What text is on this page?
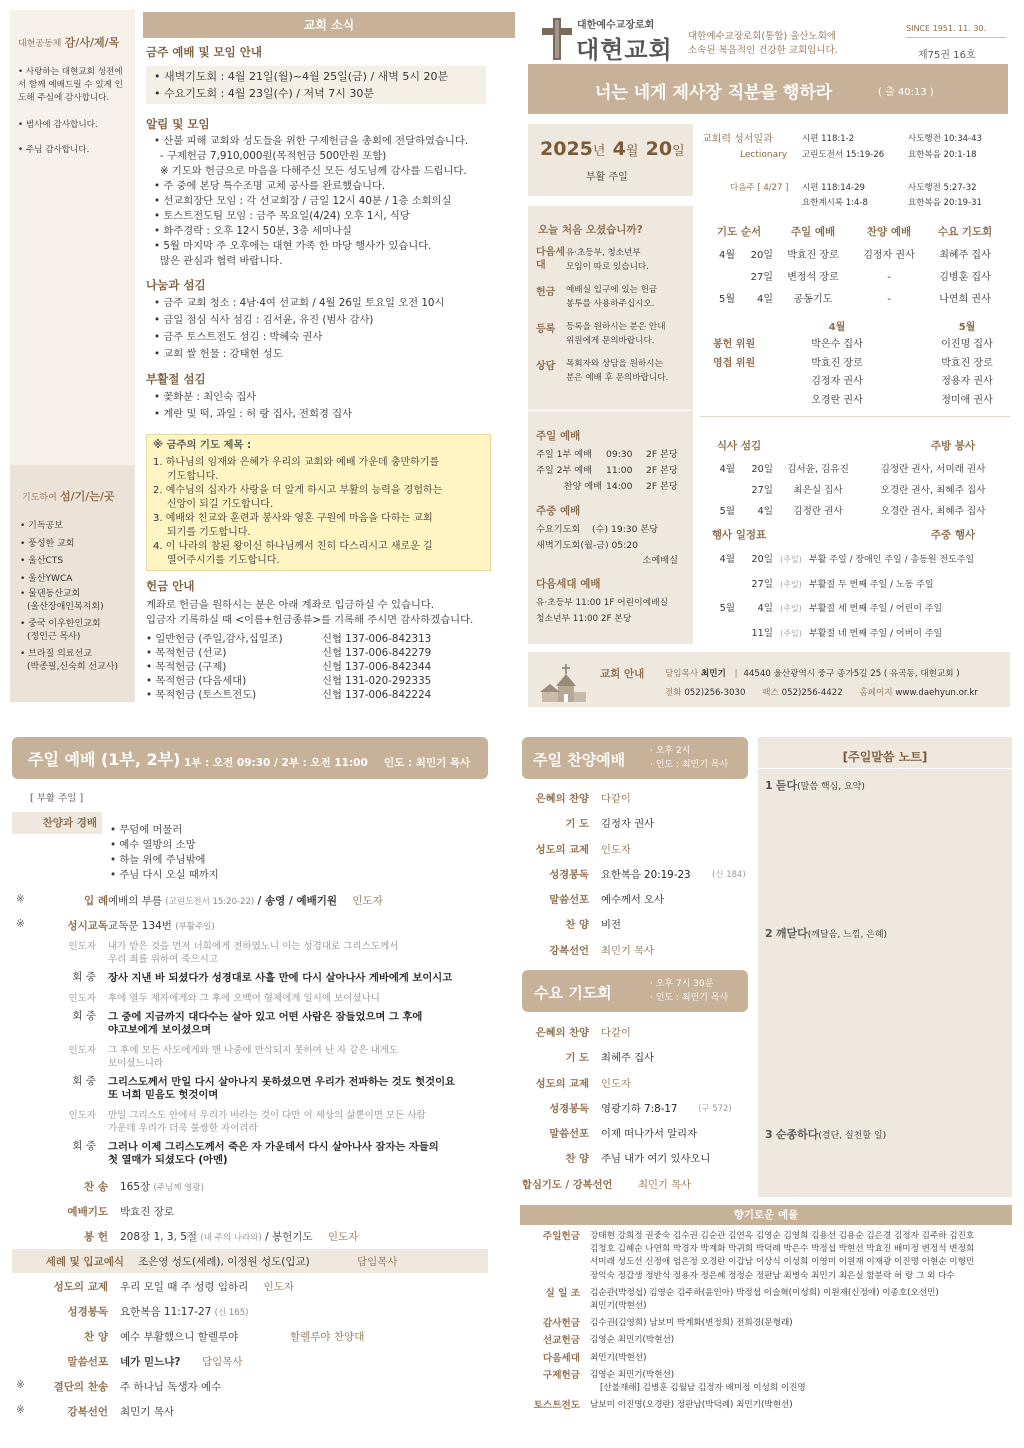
대현공동체 감/사/제/목
• 사랑하는 대현교회 성전에 서 함께 예배드릴 수 있게 인도해 주심에 감사합니다.
• 범사에 감사합니다.
• 주님 감사합니다.
기도하여 섬/기/는/곳
• 기독공보
• 풍성한 교회
• 울산CTS
• 울산YWCA
• 물댄동산교회
(울산장애인복지회)
• 중국 이우한인교회
(정인근 목사)
• 브라질 의료선교
(박종필,신숙희 선교사)
교회 소식
금주 예배 및 모임 안내
• 새벽기도회 : 4월 21일(월)~4월 25일(금) / 새벽 5시 20분
• 수요기도회 : 4월 23일(수) / 저녁 7시 30분
알림 및 모임
• 산불 피해 교회와 성도들을 위한 구제헌금을 총회에 전달하였습니다.
- 구제헌금 7,910,000원(목적헌금 500만원 포함)
※ 기도와 헌금으로 마음을 다해주신 모든 성도님께 감사를 드립니다.
• 주 중에 본당 특수조명 교체 공사를 완료했습니다.
• 선교회장단 모임 : 각 선교회장 / 금일 12시 40분 / 1층 소회의실
• 토스트전도팀 모임 : 금주 목요일(4/24) 오후 1시, 식당
• 화주경락 : 오후 12시 50분, 3층 세미나실
• 5월 마지막 주 오후에는 대현 가족 한 마당 행사가 있습니다.
많은 관심과 협력 바랍니다.
나눔과 섬김
• 금주 교회 청소 : 4남·4여 선교회 / 4월 26일 토요일 오전 10시
• 금일 점심 식사 섬김 : 김서윤, 유진 (범사 감사)
• 금주 토스트전도 섬김 : 박혜숙 권사
• 교회 쌀 헌물 : 강태현 성도
부활절 섬김
• 꽃화분 : 최인숙 집사
• 계란 및 떡, 과일 : 허 랑 집사, 전희경 집사
※ 금주의 기도 제목 :
1. 하나님의 임재와 은혜가 우리의 교회와 예배 가운데 충만하기를
기도합니다.
2. 예수님의 십자가 사랑을 더 알게 하시고 부활의 능력을 경험하는
신앙이 되길 기도합니다.
3. 예배와 친교와 훈련과 봉사와 영혼 구원에 마음을 다하는 교회
되기를 기도합니다.
4. 이 나라의 참된 왕이신 하나님께서 친히 다스리시고 새로운 길
열어주시기를 기도합니다.
헌금 안내
계좌로 헌금을 원하시는 분은 아래 계좌로 입금하실 수 있습니다.
입금자 기록하실 때 <이름+헌금종류>를 기록해 주시면 감사하겠습니다.
• 일반헌금 (주일,감사,십일조)	신협 137-006-842313
• 목적헌금 (선교)	신협 137-006-842279
• 목적헌금 (구제)	신협 137-006-842344
• 목적헌금 (다음세대)	신협 131-020-292335
• 목적헌금 (토스트전도)	신협 137-006-842224
대한예수교장로회
대현교회 대한예수교장로회(통합) 울산노회에
소속된 복음적인 건강한 교회입니다.
SINCE 1951. 11. 30.
제75권 16호
너는 네게 제사장 직분을 행하라	( 출 40:13 )
2025년 4월 20일
부활 주일
교회력 성서일과
Lectionary
시편 118:1-2	사도행전 10:34-43
고린도전서 15:19-26	요한복음 20:1-18
다음주 [ 4/27 ] 시편 118:14-29	사도행전 5:27-32
요한계시록 1:4-8	요한복음 20:19-31
오늘 처음 오셨습니까?
다음세대
유·초등부, 청소년부
모임이 따로 있습니다.
헌금	예배실 입구에 있는 헌금
봉투를 사용하주십시오.
등록	등록을 원하시는 분은 안내
위원에게 문의바랍니다.
상담	목회자와 상담을 원하시는
분은 예배 후 문의바랍니다.
주일 예배
주일 1부 예배	09:30	2F 본당
주일 2부 예배	11:00	2F 본당
찬양 예배 14:00	2F 본당
주중 예배
수요기도회    (수) 19:30 본당
새벽기도회(월-금) 05:20
소예배실
다음세대 예배
유·초등부 11:00 1F 어린이예배실
청소년부 11:00 2F 본당
기도 순서	주일 예배	찬양 예배	수요 기도회
4월	20일	박효진 장로	김정자 권사	최혜주 집사
27일	변정석 장로	-	김병훈 집사
5월	4일	공동기도	-	나연희 권사
4월	5월
봉헌 위원	박은수 집사	이진명 집사
영접 위원	박효진 장로	박효진 장로
김정자 권사	정용자 권사
오경란 권사	정미애 권사
식사 섬김	주방 봉사
4월	20일	김서윤, 김유진	김정란 권사, 서미래 권사
27일	최은실 집사	오경란 권사, 최혜주 집사
5월	4일	김정란 권사	오경란 권사, 최혜주 집사
행사 일정표	주중 행사
4월	20일 (주일) 부활 주일 / 장애인 주일 / 총동원 전도주일
27일 (주일) 부활절 두 번째 주일 / 노동 주일
5월	4일 (주일) 부활절 세 번째 주일 / 어린이 주일
11일 (주일) 부활절 네 번째 주일 / 어버이 주일
교회 안내 담임목사 최민기 | 44540 울산광역시 중구 종가5길 25 ( 유곡동, 대현교회 )
전화 052)256-3030 팩스 052)256-4422 홈페이지 www.daehyun.or.kr
주일 예배 (1부, 2부) 1부 : 오전 09:30 / 2부 : 오전 11:00 인도 : 최민기 목사
[ 부활 주일 ]
찬양과 경배
• 무덤에 머물러
• 예수 열방의 소망
• 하늘 위에 주님밖에
• 주님 다시 오실 때까지
※	입 례 예배의 부름 (고린도전서 15:20-22) / 송영 / 예배기원 인도자
※	성시교독 교독문 134번 (부활주일)
인도자 내가 받은 것을 먼저 너희에게 전하였노니 이는 성경대로 그리스도께서
우리 죄를 위하여 죽으시고
회 중 장사 지낸 바 되셨다가 성경대로 사흘 만에 다시 살아나사 게바에게 보이시고
인도자 후에 열두 제자에게와 그 후에 오백여 형제에게 일시에 보이셨나니
회 중 그 중에 지금까지 대다수는 살아 있고 어떤 사람은 잠들었으며 그 후에
야고보에게 보이셨으며
인도자 그 후에 모든 사도에게와 맨 나중에 만삭되지 못하여 난 자 같은 내게도
보이셨느니라
회 중 그리스도께서 만일 다시 살아나지 못하셨으면 우리가 전파하는 것도 헛것이요
또 너희 믿음도 헛것이며
인도자 만일 그리스도 안에서 우리가 바라는 것이 다만 이 세상의 삶뿐이면 모든 사람
가운데 우리가 더욱 불쌍한 자이리라
회 중 그러나 이제 그리스도께서 죽은 자 가운데서 다시 살아나사 잠자는 자들의
첫 열매가 되셨도다 (아멘)
찬 송 165장 (주님께 영광)
예배기도 박효진 장로
봉 헌 208장 1, 3, 5절 (내 주의 나라와) / 봉헌기도 인도자
세례 및 입교예식 조은영 성도(세례), 이정원 성도(입교)	담임목사
성도의 교제 우리 모일 때 주 성령 임하리 인도자
성경봉독 요한복음 11:17-27 (신 165)
찬 양 예수 부활했으니 할렐루야	할렐루야 찬양대
말씀선포 네가 믿느냐? 담임목사
※	결단의 찬송 주 하나님 독생자 예수
※	강복선언 최민기 목사
주일 찬양예배	· 오후 2시
· 인도 : 최민기 목사
은혜의 찬양 다같이
기 도 김정자 권사
성도의 교제 인도자
성경봉독 요한복음 20:19-23	(신 184)
말씀선포 예수께서 오사
찬 양 비전
강복선언 최민기 목사
수요 기도회	· 오후 7시 30분
· 인도 : 최민기 목사
은혜의 찬양 다같이
기 도 최혜주 집사
성도의 교제 인도자
성경봉독 영광기하 7:8-17 (구 572)
말씀선포 이제 떠나가서 알리자
찬 양 주님 내가 여기 있사오니
합심기도 / 강복선언 최민기 목사
[주일말씀 노트]
1 듣다(말씀 핵심, 요약)
2 깨닫다(깨달음, 느낌, 은혜)
3 순종하다(결단, 실천할 일)
향기로운 예물
주일헌금 강태현 강희정 권중숙 김수권 김순관 김연옥 김영순 김영희 김용선 김용순 김은경 김정자 김주하 김진호
김청호 김혜순 나연희 박경자 박계화 박귀희 박덕례 박은수 박정섭 박현선 박효진 배미정 변정석 변정희
서미래 성도선 신정애 엄은정 오경란 이갑남 이상식 이성희 이영미 이원재 이재광 이진명 이현순 이형민
장익숙 정갑생 정반식 정용자 정은혜 정정순 정판남 최병숙 최민기 최은실 함분락 허 랑 그 외 다수
실 일 조 김순관(박정섭) 김영순 김주하(윤인아) 박정섭 이슬혁(이성희) 이원재(신정애) 이종호(오선민)
최민기(박현선)
감사헌금 김수권(김영희) 남보미 박계화(변정희) 전희경(문형래)
선교헌금 김영순 최민기(박현선)
다음세대 최민기(박현선)
구제헌금 김영순 최민기(박현선)
[산불재해] 김병훈 김월남 김정자 배미정 이성희 이진명
토스트전도 남보미 이진명(오경란) 정판남(박덕례) 최민기(박현선)
